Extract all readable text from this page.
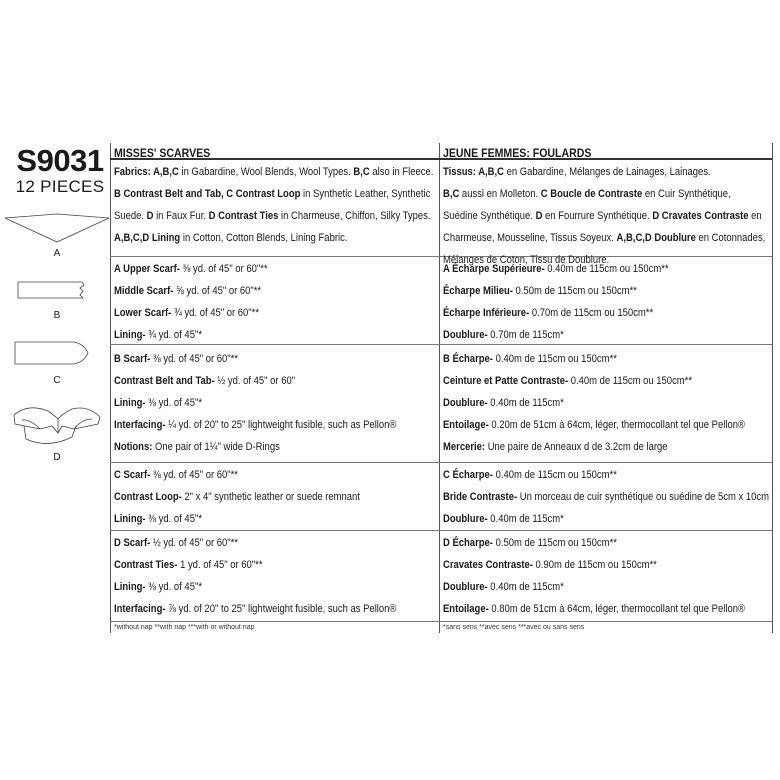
S9031
12 PIECES
A
B
C
D
MISSES' SCARVES	JEUNE FEMMES: FOULARDS
Fabrics: A,B,C in Gabardine, Wool Blends, Wool Types. B,C also in Fleece.
B Contrast Belt and Tab, C Contrast Loop in Synthetic Leather, Synthetic
Suede. D in Faux Fur. D Contrast Ties in Charmeuse, Chiffon, Silky Types.
A,B,C,D Lining in Cotton, Cotton Blends, Lining Fabric.
A Upper Scarf- ⅜ yd. of 45" or 60"**
Middle Scarf- ⅝ yd. of 45" or 60"**
Lower Scarf- ¾ yd. of 45" or 60"**
Lining- ¾ yd. of 45"*
B Scarf- ⅜ yd. of 45" or 60"**
Contrast Belt and Tab- ½ yd. of 45" or 60"
Lining- ⅜ yd. of 45"*
Interfacing- ¼ yd. of 20" to 25" lightweight fusible, such as Pellon®
Notions: One pair of 1¼" wide D-Rings
C Scarf- ⅜ yd. of 45" or 60"**
Contrast Loop- 2" x 4" synthetic leather or suede remnant
Lining- ⅜ yd. of 45"*
D Scarf- ½ yd. of 45" or 60"**
Contrast Ties- 1 yd. of 45" or 60"**
Lining- ⅜ yd. of 45"*
Interfacing- ⅞ yd. of 20" to 25" lightweight fusible, such as Pellon®
*without nap **with nap ***with or without nap
Tissus: A,B,C en Gabardine, Mélanges de Lainages, Lainages.
B,C aussi en Molleton. C Boucle de Contraste en Cuir Synthétique,
Suédine Synthétique. D en Fourrure Synthétique. D Cravates Contraste en
Charmeuse, Mousseline, Tissus Soyeux. A,B,C,D Doublure en Cotonnades,
Mélanges de Coton, Tissu de Doublure.
A Écharpe Supérieure- 0.40m de 115cm ou 150cm**
Écharpe Milieu- 0.50m de 115cm ou 150cm**
Écharpe Inférieure- 0.70m de 115cm ou 150cm**
Doublure- 0.70m de 115cm*
B Écharpe- 0.40m de 115cm ou 150cm**
Ceinture et Patte Contraste- 0.40m de 115cm ou 150cm**
Doublure- 0.40m de 115cm*
Entoilage- 0.20m de 51cm à 64cm, léger, thermocollant tel que Pellon®
Mercerie: Une paire de Anneaux d de 3.2cm de large
C Écharpe- 0.40m de 115cm ou 150cm**
Bride Contraste- Un morceau de cuir synthétique ou suédine de 5cm x 10cm
Doublure- 0.40m de 115cm*
D Écharpe- 0.50m de 115cm ou 150cm**
Cravates Contraste- 0.90m de 115cm ou 150cm**
Doublure- 0.40m de 115cm*
Entoilage- 0.80m de 51cm à 64cm, léger, thermocollant tel que Pellon®
*sans sens **avec sens ***avec ou sans sens
